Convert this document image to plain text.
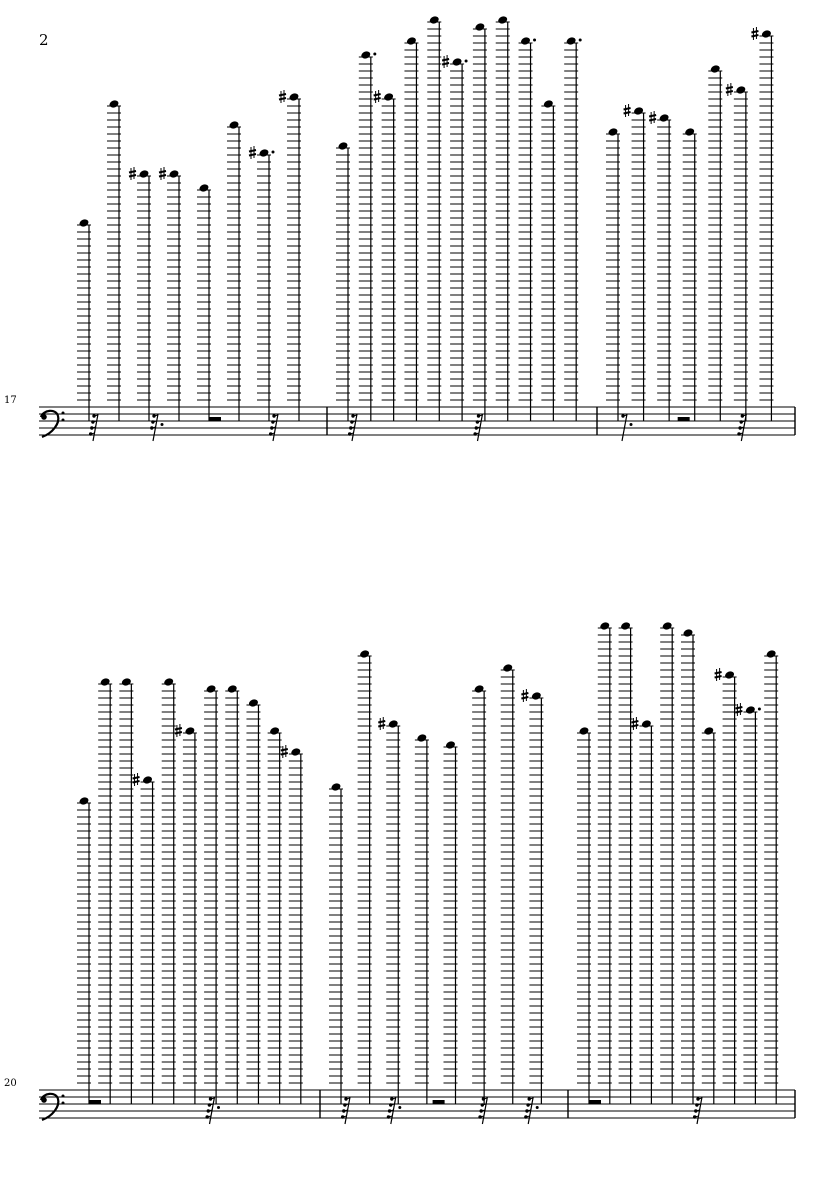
2
17
20
